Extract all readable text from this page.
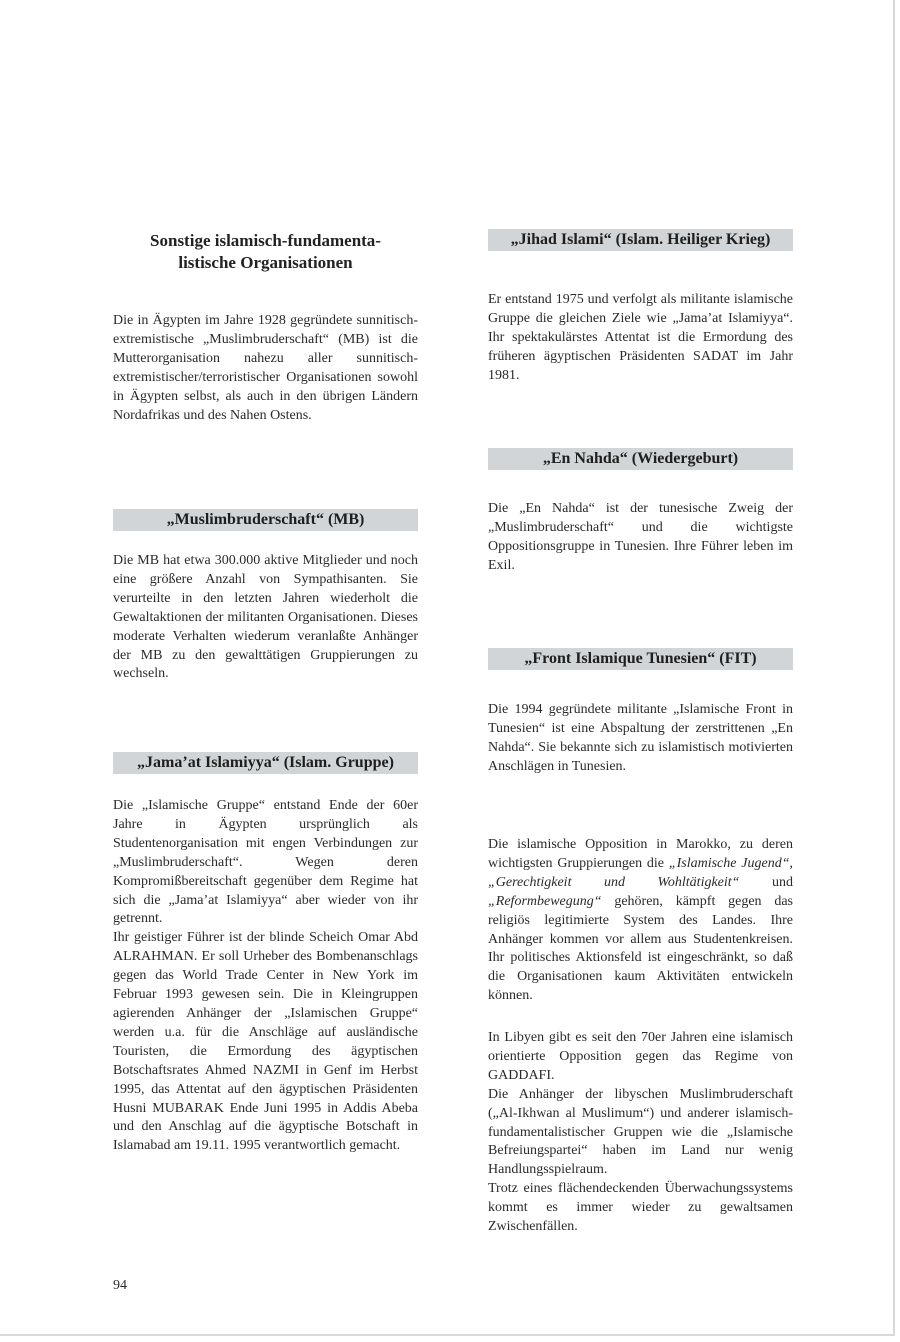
Sonstige islamisch-fundamenta-
listische Organisationen

Die in Ägypten im Jahre 1928 gegründete sunnitisch-extremistische „Muslimbruderschaft“ (MB) ist die Mutterorganisation nahezu aller sunnitisch-extremistischer/terroristischer Organisationen sowohl in Ägypten selbst, als auch in den übrigen Ländern Nordafrikas und des Nahen Ostens.

„Muslimbruderschaft“ (MB)

Die MB hat etwa 300.000 aktive Mitglieder und noch eine größere Anzahl von Sympathisanten. Sie verurteilte in den letzten Jahren wiederholt die Gewaltaktionen der militanten Organisationen. Dieses moderate Verhalten wiederum veranlaßte Anhänger der MB zu den gewalttätigen Gruppierungen zu wechseln.

„Jama’at Islamiyya“ (Islam. Gruppe)

Die „Islamische Gruppe“ entstand Ende der 60er Jahre in Ägypten ursprünglich als Studentenorganisation mit engen Verbindungen zur „Muslimbruderschaft“. Wegen deren Kompromißbereitschaft gegenüber dem Regime hat sich die „Jama’at Islamiyya“ aber wieder von ihr getrennt.

Ihr geistiger Führer ist der blinde Scheich Omar Abd ALRAHMAN. Er soll Urheber des Bombenanschlags gegen das World Trade Center in New York im Februar 1993 gewesen sein. Die in Kleingruppen agierenden Anhänger der „Islamischen Gruppe“ werden u.a. für die Anschläge auf ausländische Touristen, die Ermordung des ägyptischen Botschaftsrates Ahmed NAZMI in Genf im Herbst 1995, das Attentat auf den ägyptischen Präsidenten Husni MUBARAK Ende Juni 1995 in Addis Abeba und den Anschlag auf die ägyptische Botschaft in Islamabad am 19.11. 1995 verantwortlich gemacht.

„Jihad Islami“ (Islam. Heiliger Krieg)

Er entstand 1975 und verfolgt als militante islamische Gruppe die gleichen Ziele wie „Jama’at Islamiyya“. Ihr spektakulärstes Attentat ist die Ermordung des früheren ägyptischen Präsidenten SADAT im Jahr 1981.

„En Nahda“ (Wiedergeburt)

Die „En Nahda“ ist der tunesische Zweig der „Muslimbruderschaft“ und die wichtigste Oppositionsgruppe in Tunesien. Ihre Führer leben im Exil.

„Front Islamique Tunesien“ (FIT)

Die 1994 gegründete militante „Islamische Front in Tunesien“ ist eine Abspaltung der zerstrittenen „En Nahda“. Sie bekannte sich zu islamistisch motivierten Anschlägen in Tunesien.

Die islamische Opposition in Marokko, zu deren wichtigsten Gruppierungen die „Islamische Jugend“, „Gerechtigkeit und Wohltätigkeit“ und „Reformbewegung“ gehören, kämpft gegen das religiös legitimierte System des Landes. Ihre Anhänger kommen vor allem aus Studentenkreisen. Ihr politisches Aktionsfeld ist eingeschränkt, so daß die Organisationen kaum Aktivitäten entwickeln können.

In Libyen gibt es seit den 70er Jahren eine islamisch orientierte Opposition gegen das Regime von GADDAFI.

Die Anhänger der libyschen Muslimbruderschaft („Al-Ikhwan al Muslimum“) und anderer islamisch-fundamentalistischer Gruppen wie die „Islamische Befreiungspartei“ haben im Land nur wenig Handlungsspielraum.

Trotz eines flächendeckenden Überwachungssystems kommt es immer wieder zu gewaltsamen Zwischenfällen.

94
